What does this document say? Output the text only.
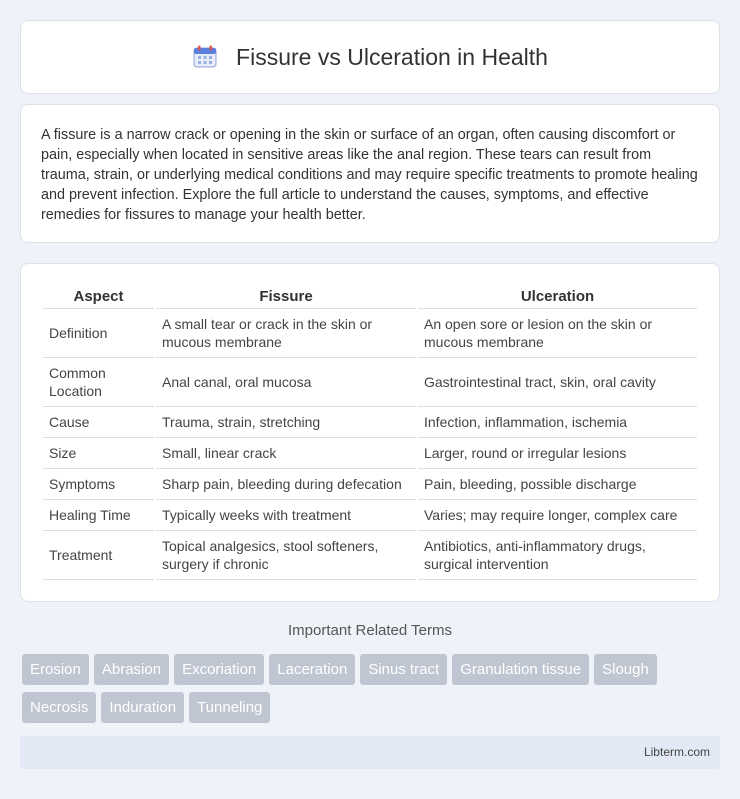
Fissure vs Ulceration in Health

A fissure is a narrow crack or opening in the skin or surface of an organ, often causing discomfort or pain, especially when located in sensitive areas like the anal region. These tears can result from trauma, strain, or underlying medical conditions and may require specific treatments to promote healing and prevent infection. Explore the full article to understand the causes, symptoms, and effective remedies for fissures to manage your health better.

Aspect	Fissure	Ulceration
Definition	A small tear or crack in the skin or mucous membrane	An open sore or lesion on the skin or mucous membrane
Common Location	Anal canal, oral mucosa	Gastrointestinal tract, skin, oral cavity
Cause	Trauma, strain, stretching	Infection, inflammation, ischemia
Size	Small, linear crack	Larger, round or irregular lesions
Symptoms	Sharp pain, bleeding during defecation	Pain, bleeding, possible discharge
Healing Time	Typically weeks with treatment	Varies; may require longer, complex care
Treatment	Topical analgesics, stool softeners, surgery if chronic	Antibiotics, anti-inflammatory drugs, surgical intervention
Important Related Terms
Erosion	Abrasion	Excoriation	Laceration	Sinus tract	Granulation tissue	Slough
Necrosis	Induration	Tunneling
Libterm.com
